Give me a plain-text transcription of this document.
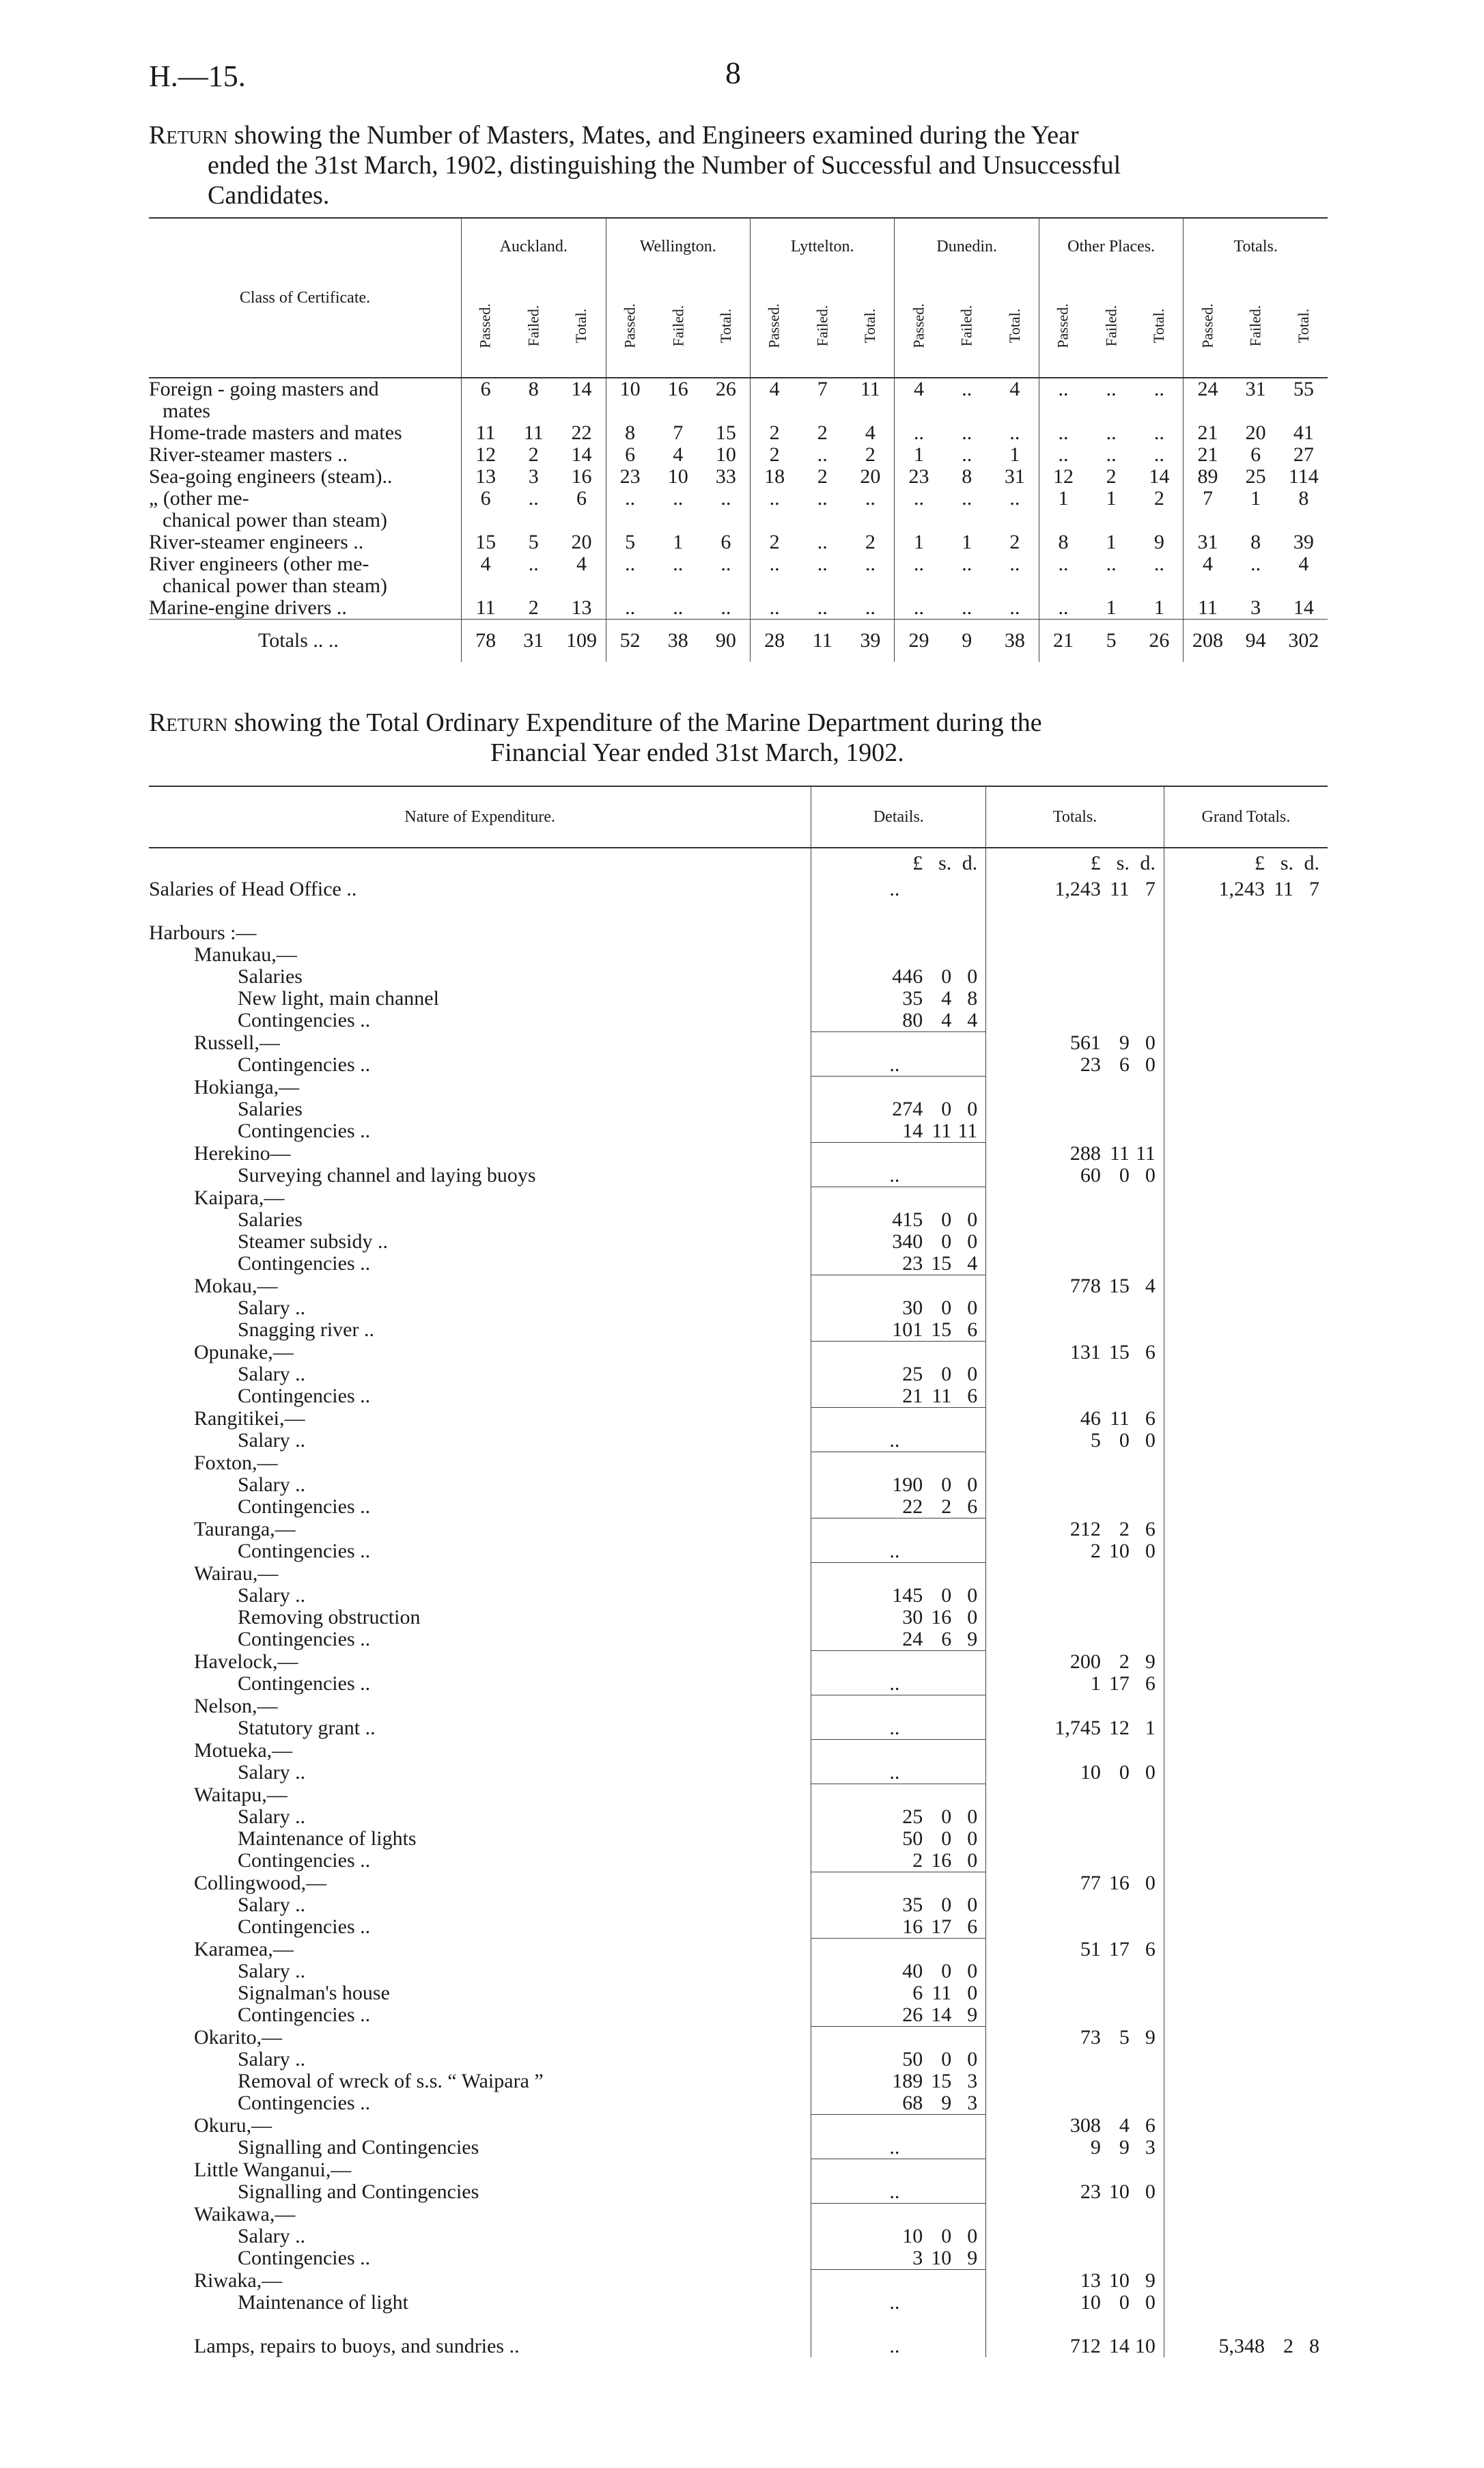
H.—15.	8
Return showing the Number of Masters, Mates, and Engineers examined during the Year
ended the 31st March, 1902, distinguishing the Number of Successful and Unsuccessful
Candidates.
Class of Certificate.	Auckland.			Wellington.			Lyttelton.			Dunedin.			Other Places.			Totals.		
	Passed.	Failed.	Total.	Passed.	Failed.	Total.	Passed.	Failed.	Total.	Passed.	Failed.	Total.	Passed.	Failed.	Total.	Passed.	Failed.	Total.
Foreign - going masters and
mates	6	8	14	10	16	26	4	7	11	4	..	4	..	..	..	24	31	55
Home-trade masters and mates	11	11	22	8	7	15	2	2	4	..	..	..	..	..	..	21	20	41
River-steamer masters ..	12	2	14	6	4	10	2	..	2	1	..	1	..	..	..	21	6	27
Sea-going engineers (steam)..	13	3	16	23	10	33	18	2	20	23	8	31	12	2	14	89	25	114
„ (other me-
chanical power than steam)	6	..	6	..	..	..	..	..	..	..	..	..	1	1	2	7	1	8
River-steamer engineers ..	15	5	20	5	1	6	2	..	2	1	1	2	8	1	9	31	8	39
River engineers (other me-
chanical power than steam)	4	..	4	..	..	..	..	..	..	..	..	..	..	..	..	4	..	4
Marine-engine drivers ..	11	2	13	..	..	..	..	..	..	..	..	..	..	1	1	11	3	14
Totals .. ..	78	31	109	52	38	90	28	11	39	29	9	38	21	5	26	208	94	302
Return showing the Total Ordinary Expenditure of the Marine Department during the
Financial Year ended 31st March, 1902.
Nature of Expenditure.	Details.	Totals.	Grand Totals.

	£ s. d.	£ s. d.	£ s. d.

Salaries of Head Office ..	..	1,243 11 7	1,243 11 7

Harbours :—			
Manukau,—			
Salaries	446 0 0		

New light, main channel	35 4 8		

Contingencies ..	80 4 4		

Russell,—		561 9 0	

Contingencies ..	..	23 6 0	

Hokianga,—			
Salaries	274 0 0		

Contingencies ..	14 11 11		

Herekino—		288 11 11	

Surveying channel and laying buoys	..	60 0 0	

Kaipara,—			
Salaries	415 0 0		

Steamer subsidy ..	340 0 0		

Contingencies ..	23 15 4		

Mokau,—		778 15 4	

Salary ..	30 0 0		

Snagging river ..	101 15 6		

Opunake,—		131 15 6	

Salary ..	25 0 0		

Contingencies ..	21 11 6		

Rangitikei,—		46 11 6	

Salary ..	..	5 0 0	

Foxton,—			
Salary ..	190 0 0		

Contingencies ..	22 2 6		

Tauranga,—		212 2 6	

Contingencies ..	..	2 10 0	

Wairau,—			
Salary ..	145 0 0		

Removing obstruction	30 16 0		

Contingencies ..	24 6 9		

Havelock,—		200 2 9	

Contingencies ..	..	1 17 6	

Nelson,—			
Statutory grant ..	..	1,745 12 1	

Motueka,—			
Salary ..	..	10 0 0	

Waitapu,—			
Salary ..	25 0 0		

Maintenance of lights	50 0 0		

Contingencies ..	2 16 0		

Collingwood,—		77 16 0	

Salary ..	35 0 0		

Contingencies ..	16 17 6		

Karamea,—		51 17 6	

Salary ..	40 0 0		

Signalman's house	6 11 0		

Contingencies ..	26 14 9		

Okarito,—		73 5 9	

Salary ..	50 0 0		

Removal of wreck of s.s. “ Waipara ”	189 15 3		

Contingencies ..	68 9 3		

Okuru,—		308 4 6	

Signalling and Contingencies	..	9 9 3	

Little Wanganui,—			
Signalling and Contingencies	..	23 10 0	

Waikawa,—			
Salary ..	10 0 0		

Contingencies ..	3 10 9		

Riwaka,—		13 10 9	

Maintenance of light	..	10 0 0	

Lamps, repairs to buoys, and sundries ..	..	712 14 10	5,348 2 8
